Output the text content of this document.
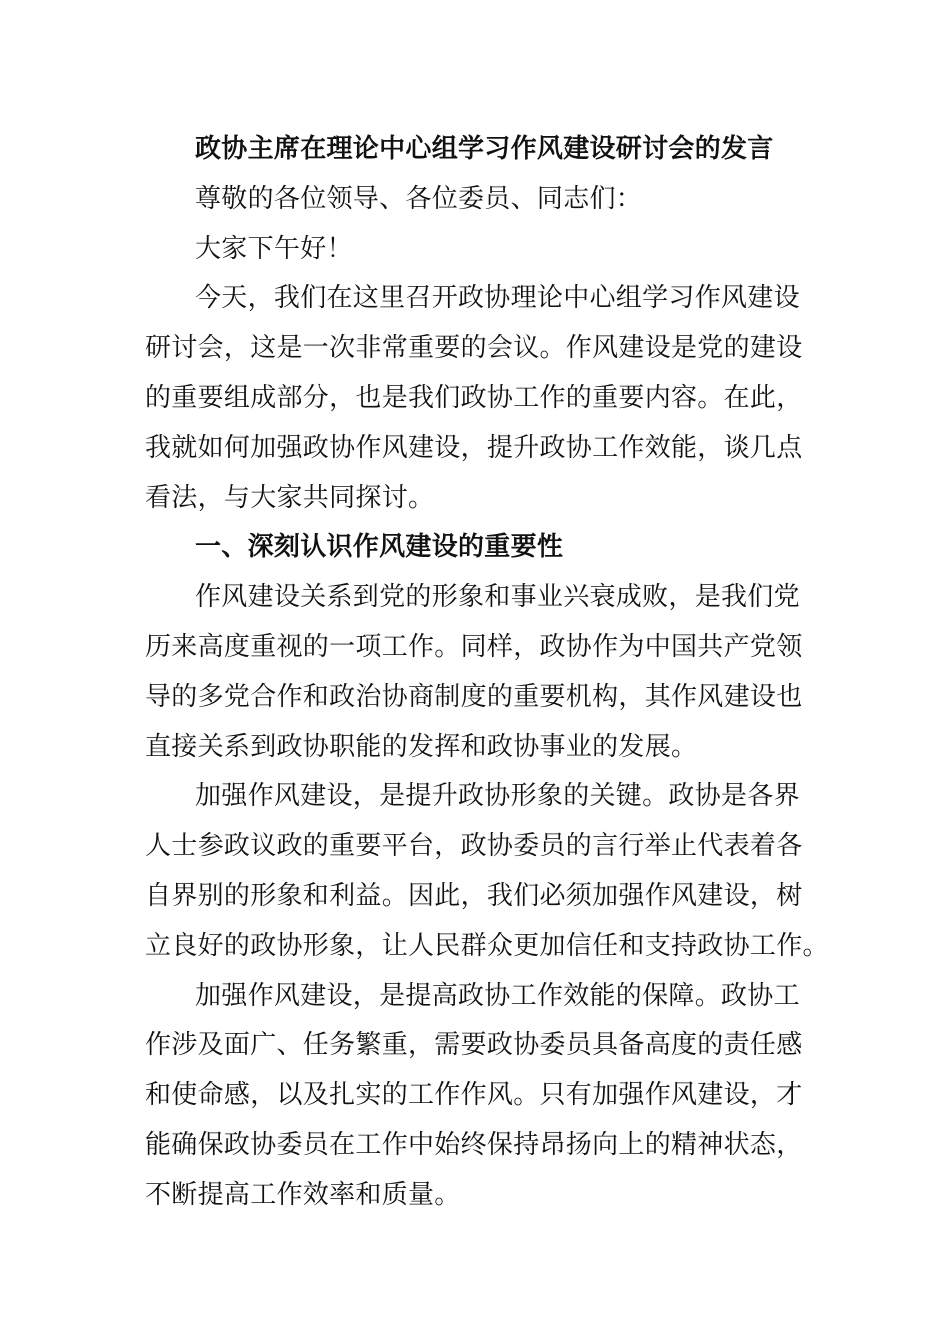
政协主席在理论中心组学习作风建设研讨会的发言

尊敬的各位领导、各位委员、同志们：

大家下午好！

今天，我们在这里召开政协理论中心组学习作风建设

研讨会，这是一次非常重要的会议。作风建设是党的建设

的重要组成部分，也是我们政协工作的重要内容。在此，

我就如何加强政协作风建设，提升政协工作效能，谈几点

看法，与大家共同探讨。

一、深刻认识作风建设的重要性

作风建设关系到党的形象和事业兴衰成败，是我们党

历来高度重视的一项工作。同样，政协作为中国共产党领

导的多党合作和政治协商制度的重要机构，其作风建设也

直接关系到政协职能的发挥和政协事业的发展。

加强作风建设，是提升政协形象的关键。政协是各界

人士参政议政的重要平台，政协委员的言行举止代表着各

自界别的形象和利益。因此，我们必须加强作风建设，树

立良好的政协形象，让人民群众更加信任和支持政协工作。

加强作风建设，是提高政协工作效能的保障。政协工

作涉及面广、任务繁重，需要政协委员具备高度的责任感

和使命感，以及扎实的工作作风。只有加强作风建设，才

能确保政协委员在工作中始终保持昂扬向上的精神状态，

不断提高工作效率和质量。
